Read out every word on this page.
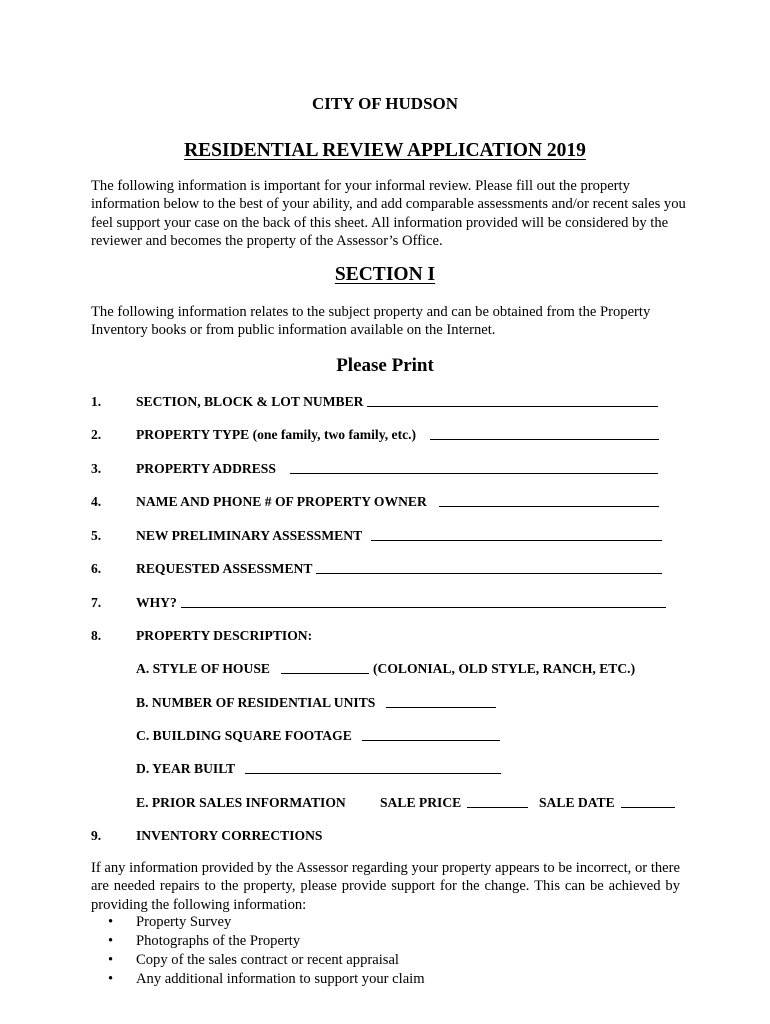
CITY OF HUDSON
RESIDENTIAL REVIEW APPLICATION 2019
The following information is important for your informal review. Please fill out the property information below to the best of your ability, and add comparable assessments and/or recent sales you feel support your case on the back of this sheet. All information provided will be considered by the reviewer and becomes the property of the Assessor’s Office.
SECTION I
The following information relates to the subject property and can be obtained from the Property Inventory books or from public information available on the Internet.
Please Print
1.	SECTION, BLOCK & LOT NUMBER
2.	PROPERTY TYPE (one family, two family, etc.)
3.	PROPERTY ADDRESS
4.	NAME AND PHONE # OF PROPERTY OWNER
5.	NEW PRELIMINARY ASSESSMENT
6.	REQUESTED ASSESSMENT
7.	WHY?
8.	PROPERTY DESCRIPTION:
A. STYLE OF HOUSE	(COLONIAL, OLD STYLE, RANCH, ETC.)
B. NUMBER OF RESIDENTIAL UNITS
C. BUILDING SQUARE FOOTAGE
D. YEAR BUILT
E. PRIOR SALES INFORMATION	SALE PRICE	SALE DATE
9.	INVENTORY CORRECTIONS
If any information provided by the Assessor regarding your property appears to be incorrect, or there are needed repairs to the property, please provide support for the change. This can be achieved by providing the following information:
• Property Survey
• Photographs of the Property
• Copy of the sales contract or recent appraisal
• Any additional information to support your claim
